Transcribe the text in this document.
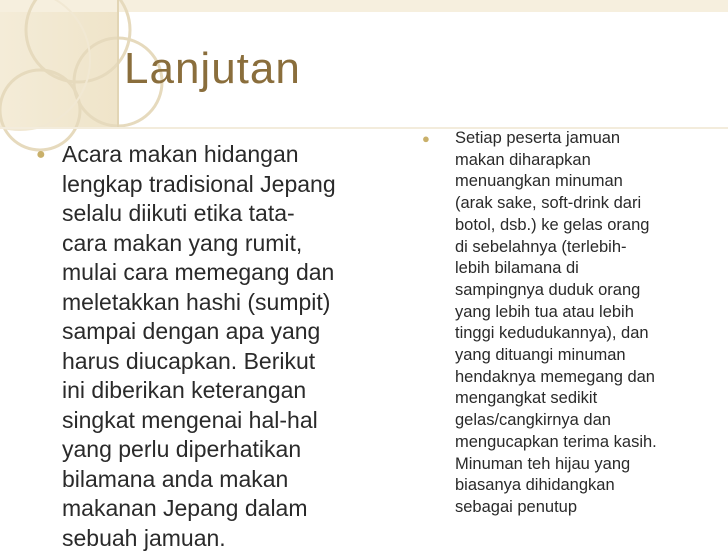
Lanjutan
● Acara makan hidangan
lengkap tradisional Jepang
selalu diikuti etika tata-
cara makan yang rumit,
mulai cara memegang dan
meletakkan hashi (sumpit)
sampai dengan apa yang
harus diucapkan. Berikut
ini diberikan keterangan
singkat mengenai hal-hal
yang perlu diperhatikan
bilamana anda makan
makanan Jepang dalam
sebuah jamuan.
● Setiap peserta jamuan
makan diharapkan
menuangkan minuman
(arak sake, soft-drink dari
botol, dsb.) ke gelas orang
di sebelahnya (terlebih-
lebih bilamana di
sampingnya duduk orang
yang lebih tua atau lebih
tinggi kedudukannya), dan
yang dituangi minuman
hendaknya memegang dan
mengangkat sedikit
gelas/cangkirnya dan
mengucapkan terima kasih.
Minuman teh hijau yang
biasanya dihidangkan
sebagai penutup
